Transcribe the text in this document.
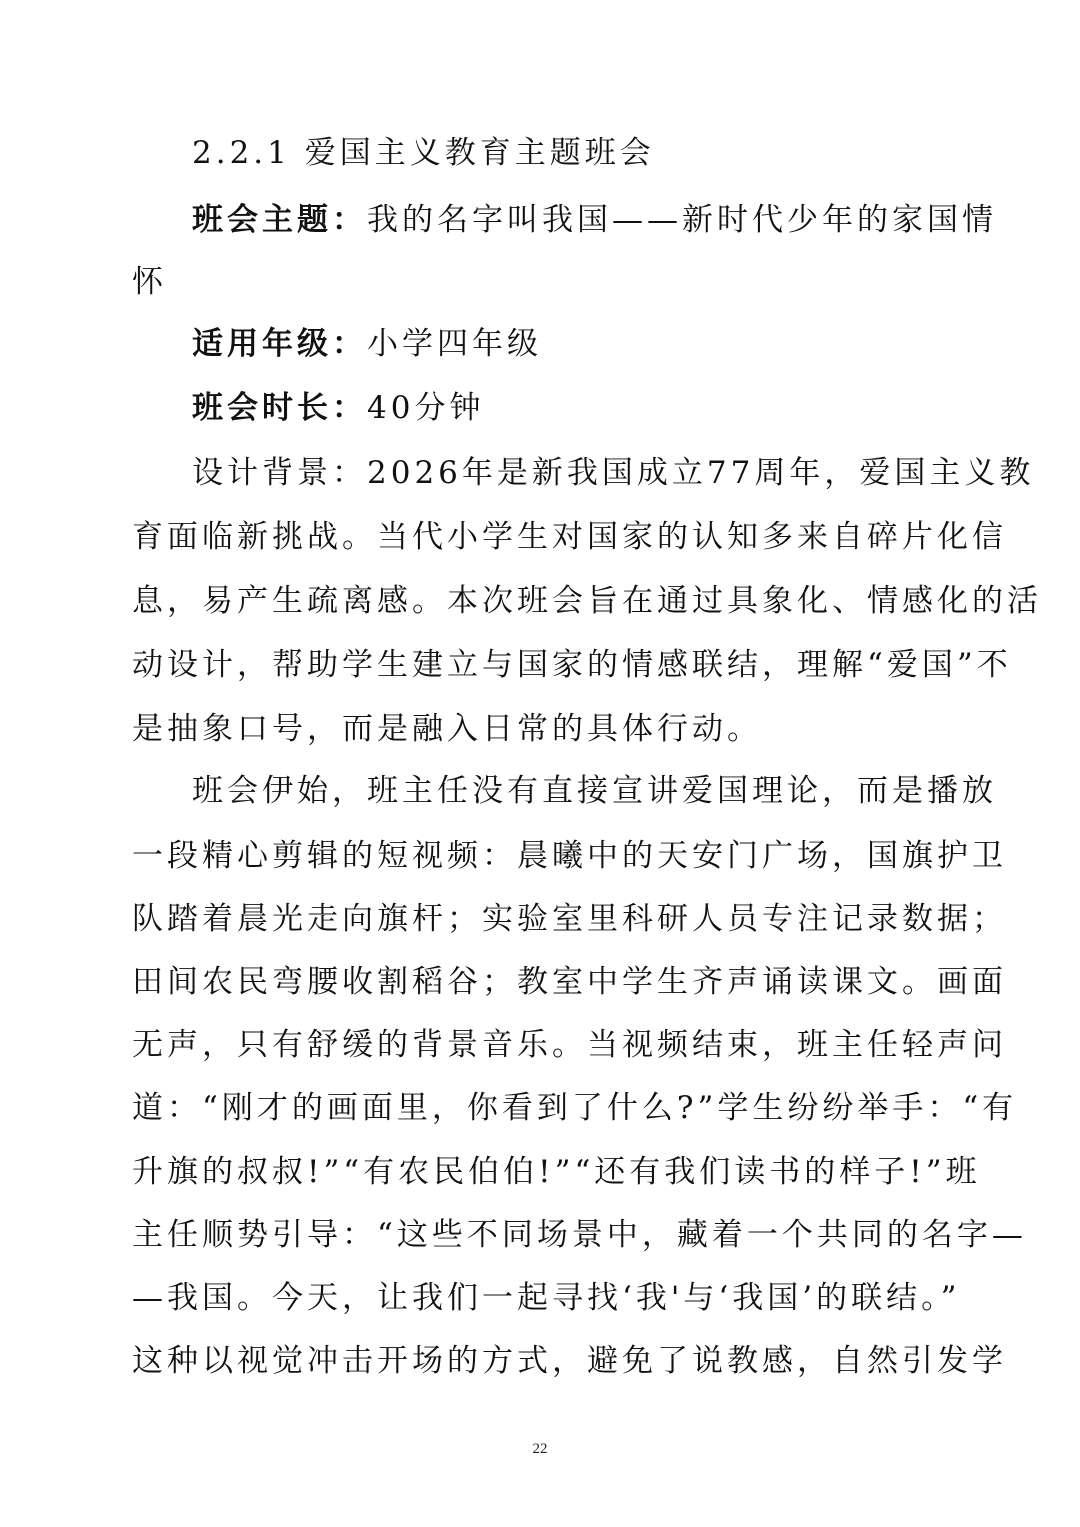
2.2.1 爱国主义教育主题班会
班会主题：我的名字叫我国——新时代少年的家国情
怀
适用年级：小学四年级
班会时长：40分钟
设计背景：2026年是新我国成立77周年，爱国主义教
育面临新挑战。当代小学生对国家的认知多来自碎片化信
息，易产生疏离感。本次班会旨在通过具象化、情感化的活
动设计，帮助学生建立与国家的情感联结，理解“爱国”不
是抽象口号，而是融入日常的具体行动。
班会伊始，班主任没有直接宣讲爱国理论，而是播放
一段精心剪辑的短视频：晨曦中的天安门广场，国旗护卫
队踏着晨光走向旗杆；实验室里科研人员专注记录数据；
田间农民弯腰收割稻谷；教室中学生齐声诵读课文。画面
无声，只有舒缓的背景音乐。当视频结束，班主任轻声问
道：“刚才的画面里，你看到了什么?”学生纷纷举手：“有
升旗的叔叔!”“有农民伯伯!”“还有我们读书的样子!”班
主任顺势引导：“这些不同场景中，藏着一个共同的名字—
—我国。今天，让我们一起寻找‘我'与‘我国’的联结。”
这种以视觉冲击开场的方式，避免了说教感，自然引发学
22
